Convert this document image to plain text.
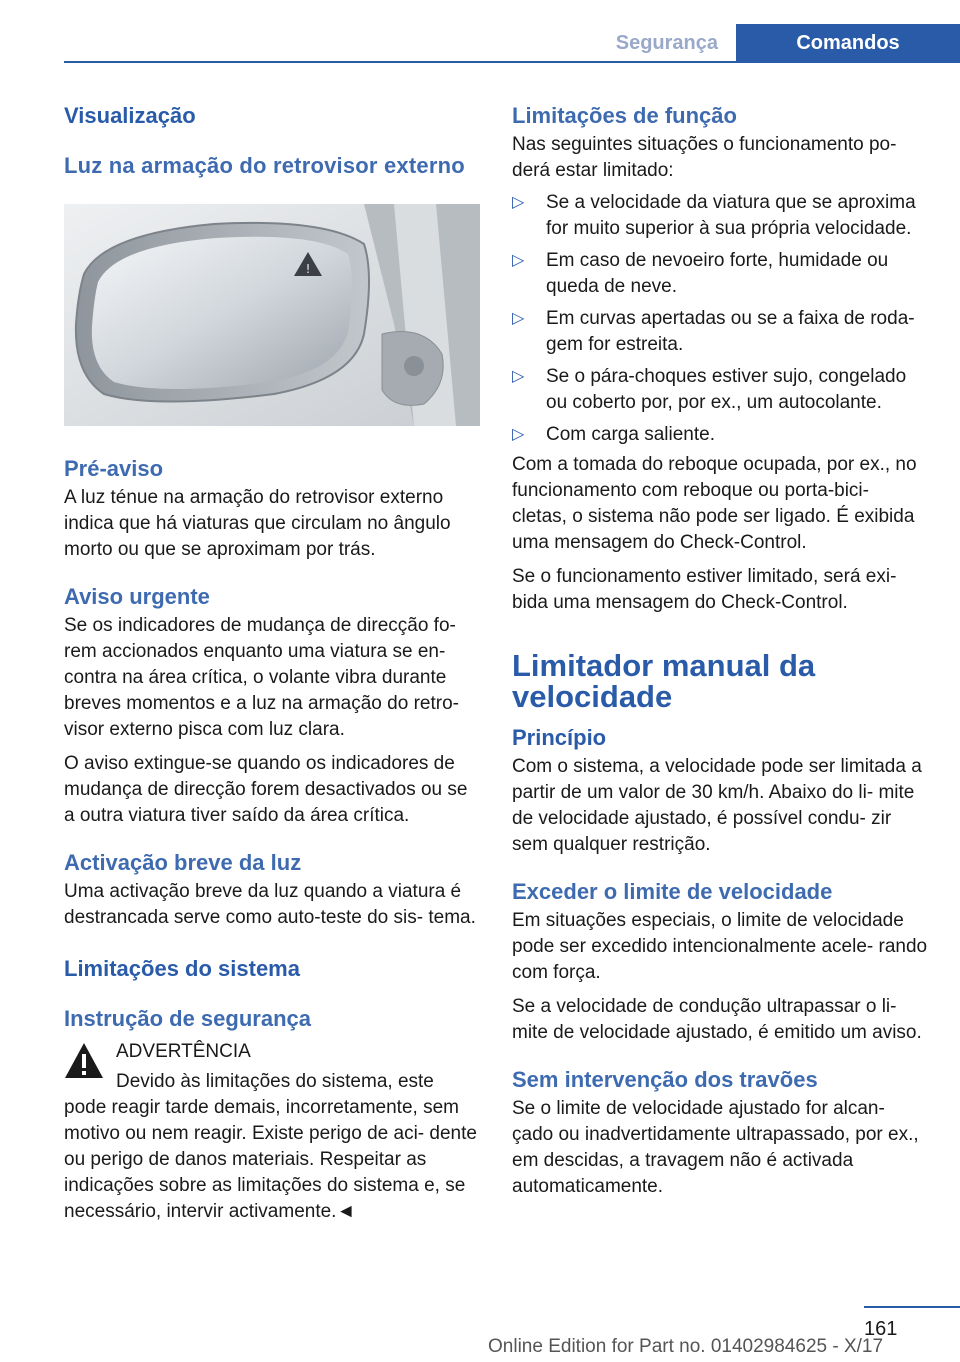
Segurança	Comandos
Visualização
Luz na armação do retrovisor externo
!
Pré-aviso

A luz ténue na armação do retrovisor externo indica que há viaturas que circulam no ângulo morto ou que se aproximam por trás.

Aviso urgente

Se os indicadores de mudança de direcção fo- rem accionados enquanto uma viatura se en- contra na área crítica, o volante vibra durante breves momentos e a luz na armação do retro- visor externo pisca com luz clara.

O aviso extingue-se quando os indicadores de mudança de direcção forem desactivados ou se a outra viatura tiver saído da área crítica.

Activação breve da luz

Uma activação breve da luz quando a viatura é destrancada serve como auto-teste do sis- tema.

Limitações do sistema
Instrução de segurança

ADVERTÊNCIA

Devido às limitações do sistema, este pode reagir tarde demais, incorretamente, sem motivo ou nem reagir. Existe perigo de aci- dente ou perigo de danos materiais. Respeitar as indicações sobre as limitações do sistema e, se necessário, intervir activamente.◄

Limitações de função

Nas seguintes situações o funcionamento po- derá estar limitado:

▷ Se a velocidade da viatura que se aproxima for muito superior à sua própria velocidade.
▷ Em caso de nevoeiro forte, humidade ou queda de neve.
▷ Em curvas apertadas ou se a faixa de roda- gem for estreita.
▷ Se o pára-choques estiver sujo, congelado ou coberto por, por ex., um autocolante.
▷ Com carga saliente.

Com a tomada do reboque ocupada, por ex., no funcionamento com reboque ou porta-bici- cletas, o sistema não pode ser ligado. É exibida uma mensagem do Check-Control.

Se o funcionamento estiver limitado, será exi- bida uma mensagem do Check-Control.

Limitador manual da velocidade
Princípio

Com o sistema, a velocidade pode ser limitada a partir de um valor de 30 km/h. Abaixo do li- mite de velocidade ajustado, é possível condu- zir sem qualquer restrição.

Exceder o limite de velocidade

Em situações especiais, o limite de velocidade pode ser excedido intencionalmente acele- rando com força.

Se a velocidade de condução ultrapassar o li- mite de velocidade ajustado, é emitido um aviso.

Sem intervenção dos travões

Se o limite de velocidade ajustado for alcan- çado ou inadvertidamente ultrapassado, por ex., em descidas, a travagem não é activada automaticamente.

161
Online Edition for Part no. 01402984625 - X/17
